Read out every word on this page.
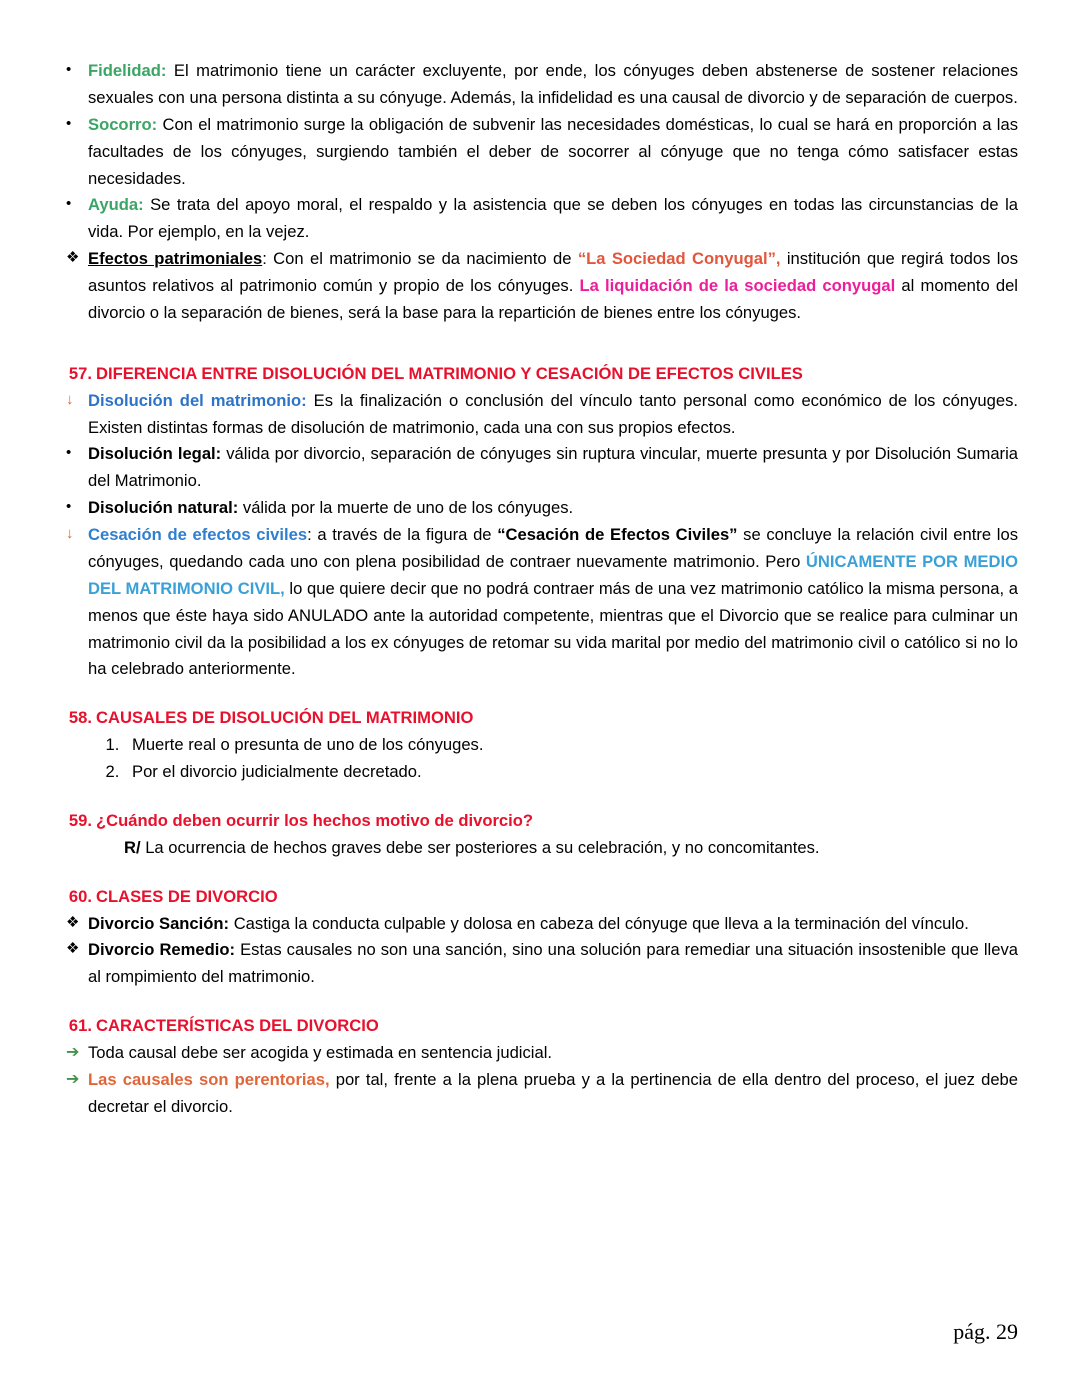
•	Fidelidad: El matrimonio tiene un carácter excluyente, por ende, los cónyuges deben abstenerse de sostener relaciones sexuales con una persona distinta a su cónyuge. Además, la infidelidad es una causal de divorcio y de separación de cuerpos.
•	Socorro: Con el matrimonio surge la obligación de subvenir las necesidades domésticas, lo cual se hará en proporción a las facultades de los cónyuges, surgiendo también el deber de socorrer al cónyuge que no tenga cómo satisfacer estas necesidades.
•	Ayuda: Se trata del apoyo moral, el respaldo y la asistencia que se deben los cónyuges en todas las circunstancias de la vida. Por ejemplo, en la vejez.
❖ Efectos patrimoniales: Con el matrimonio se da nacimiento de “La Sociedad Conyugal”, institución que regirá todos los asuntos relativos al patrimonio común y propio de los cónyuges. La liquidación de la sociedad conyugal al momento del divorcio o la separación de bienes, será la base para la repartición de bienes entre los cónyuges.
57. DIFERENCIA ENTRE DISOLUCIÓN DEL MATRIMONIO Y CESACIÓN DE EFECTOS CIVILES
↓ Disolución del matrimonio: Es la finalización o conclusión del vínculo tanto personal como económico de los cónyuges. Existen distintas formas de disolución de matrimonio, cada una con sus propios efectos.
•	Disolución legal: válida por divorcio, separación de cónyuges sin ruptura vincular, muerte presunta y por Disolución Sumaria del Matrimonio.
•	Disolución natural: válida por la muerte de uno de los cónyuges.
↓ Cesación de efectos civiles: a través de la figura de “Cesación de Efectos Civiles” se concluye la relación civil entre los cónyuges, quedando cada uno con plena posibilidad de contraer nuevamente matrimonio. Pero ÚNICAMENTE POR MEDIO DEL MATRIMONIO CIVIL, lo que quiere decir que no podrá contraer más de una vez matrimonio católico la misma persona, a menos que éste haya sido ANULADO ante la autoridad competente, mientras que el Divorcio que se realice para culminar un matrimonio civil da la posibilidad a los ex cónyuges de retomar su vida marital por medio del matrimonio civil o católico si no lo ha celebrado anteriormente.
58. CAUSALES DE DISOLUCIÓN DEL MATRIMONIO
1. Muerte real o presunta de uno de los cónyuges.
2. Por el divorcio judicialmente decretado.
59. ¿Cuándo deben ocurrir los hechos motivo de divorcio?
R/ La ocurrencia de hechos graves debe ser posteriores a su celebración, y no concomitantes.
60. CLASES DE DIVORCIO
❖ Divorcio Sanción: Castiga la conducta culpable y dolosa en cabeza del cónyuge que lleva a la terminación del vínculo.
❖ Divorcio Remedio: Estas causales no son una sanción, sino una solución para remediar una situación insostenible que lleva al rompimiento del matrimonio.
61. CARACTERÍSTICAS DEL DIVORCIO
➔ Toda causal debe ser acogida y estimada en sentencia judicial.
➔ Las causales son perentorias, por tal, frente a la plena prueba y a la pertinencia de ella dentro del proceso, el juez debe decretar el divorcio.
pág. 29
